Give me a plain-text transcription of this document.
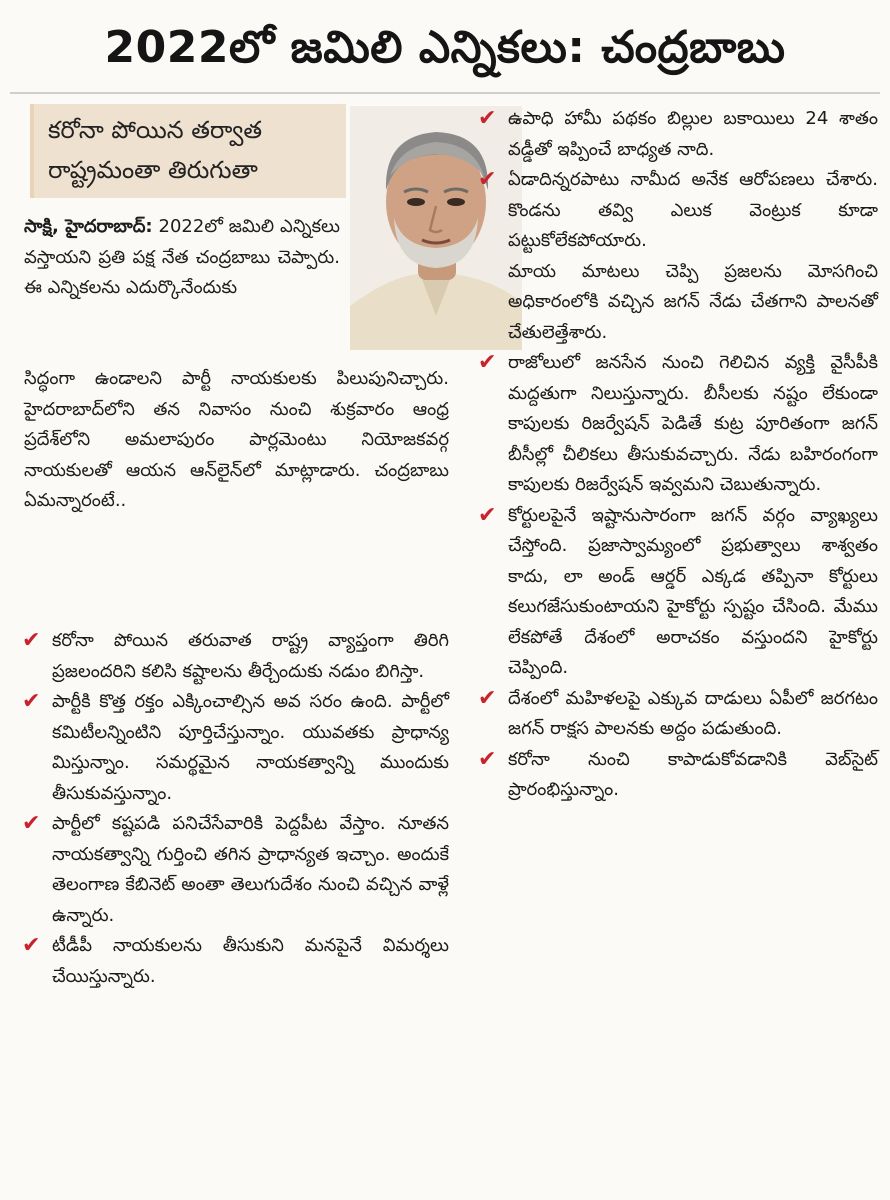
2022లో జమిలి ఎన్నికలు: చంద్రబాబు
కరోనా పోయిన తర్వాత
రాష్ట్రమంతా తిరుగుతా

సాక్షి, హైదరాబాద్: 2022లో జమిలి ఎన్నికలు వస్తాయని ప్రతి పక్ష నేత చంద్రబాబు చెప్పారు. ఈ ఎన్నికలను ఎదుర్కొనేందుకు

సిద్ధంగా ఉండాలని పార్టీ నాయకులకు పిలుపునిచ్చారు. హైదరాబాద్‌లోని తన నివాసం నుంచి శుక్రవారం ఆంధ్ర ప్రదేశ్‌లోని అమలాపురం పార్లమెంటు నియోజకవర్గ నాయకులతో ఆయన ఆన్‌లైన్‌లో మాట్లాడారు. చంద్రబాబు ఏమన్నారంటే..

✔ కరోనా పోయిన తరువాత రాష్ట్ర వ్యాప్తంగా తిరిగి ప్రజలందరిని కలిసి కష్టాలను తీర్చేందుకు నడుం బిగిస్తా.

✔ పార్టీకి కొత్త రక్తం ఎక్కించాల్సిన అవ సరం ఉంది. పార్టీలో కమిటీలన్నింటిని పూర్తిచేస్తున్నాం. యువతకు ప్రాధాన్య మిస్తున్నాం. సమర్థమైన నాయకత్వాన్ని ముందుకు తీసుకువస్తున్నాం.

✔ పార్టీలో కష్టపడి పనిచేసేవారికి పెద్దపీట వేస్తాం. నూతన నాయకత్వాన్ని గుర్తించి తగిన ప్రాధాన్యత ఇచ్చాం. అందుకే తెలంగాణ కేబినెట్ అంతా తెలుగుదేశం నుంచి వచ్చిన వాళ్లే ఉన్నారు.

✔ టీడీపీ నాయకులను తీసుకుని మనపైనే విమర్శలు చేయిస్తున్నారు.

✔ ఉపాధి హామీ పథకం బిల్లుల బకాయిలు 24 శాతం వడ్డీతో ఇప్పించే బాధ్యత నాది.

✔ ఏడాదిన్నరపాటు నామీద అనేక ఆరోపణలు చేశారు. కొండను తవ్వి ఎలుక వెంట్రుక కూడా పట్టుకోలేకపోయారు.

మాయ మాటలు చెప్పి ప్రజలను మోసగించి అధికారంలోకి వచ్చిన జగన్ నేడు చేతగాని పాలనతో చేతులెత్తేశారు.

✔ రాజోలులో జనసేన నుంచి గెలిచిన వ్యక్తి వైసీపీకి మద్దతుగా నిలుస్తున్నారు. బీసీలకు నష్టం లేకుండా కాపులకు రిజర్వేషన్ పెడితే కుట్ర పూరితంగా జగన్ బీసీల్లో చీలికలు తీసుకువచ్చారు. నేడు బహిరంగంగా కాపులకు రిజర్వేషన్ ఇవ్వమని చెబుతున్నారు.

✔ కోర్టులపైనే ఇష్టానుసారంగా జగన్ వర్గం వ్యాఖ్యలు చేస్తోంది. ప్రజాస్వామ్యంలో ప్రభుత్వాలు శాశ్వతం కాదు, లా అండ్ ఆర్డర్ ఎక్కడ తప్పినా కోర్టులు కలుగజేసుకుంటాయని హైకోర్టు స్పష్టం చేసింది. మేము లేకపోతే దేశంలో అరాచకం వస్తుందని హైకోర్టు చెప్పింది.

✔ దేశంలో మహిళలపై ఎక్కువ దాడులు ఏపీలో జరగటం జగన్ రాక్షస పాలనకు అద్దం పడుతుంది.

✔ కరోనా నుంచి కాపాడుకోవడానికి వెబ్‌సైట్ ప్రారంభిస్తున్నాం.
